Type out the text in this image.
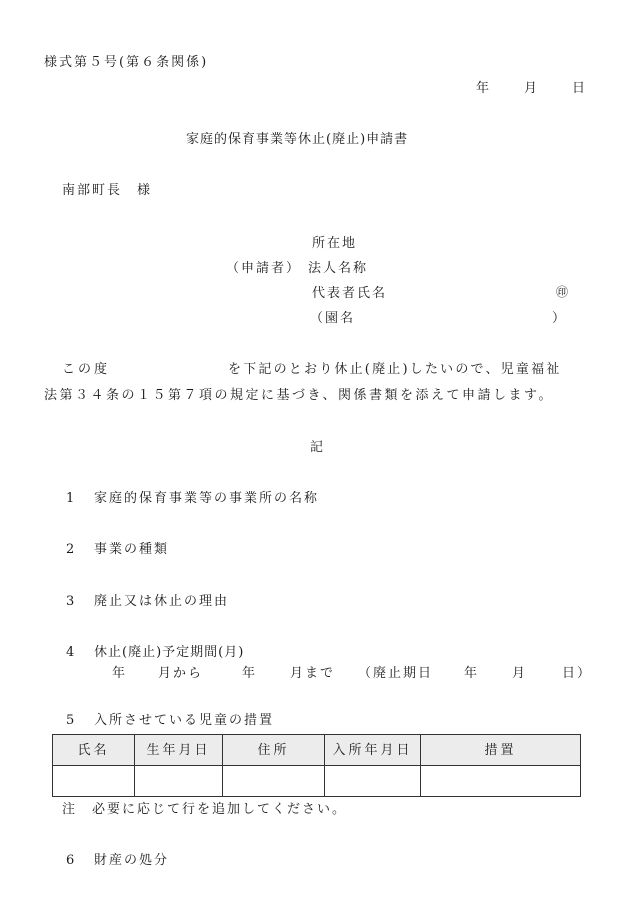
様式第５号(第６条関係)
年	月	日
家庭的保育事業等休止(廃止)申請書
南部町長　様
所在地
（申請者） 法人名称
代表者氏名	㊞
（園名	）
この度	を下記のとおり休止(廃止)したいので、児童福祉
法第３４条の１５第７項の規定に基づき、関係書類を添えて申請します。
記
1 家庭的保育事業等の事業所の名称
2 事業の種類
3 廃止又は休止の理由
4 休止(廃止)予定期間(月)
年	月から	年	月まで （廃止期日 年	月	日）
5 入所させている児童の措置
氏名	生年月日	住所	入所年月日	措置

注　必要に応じて行を追加してください。
6 財産の処分
